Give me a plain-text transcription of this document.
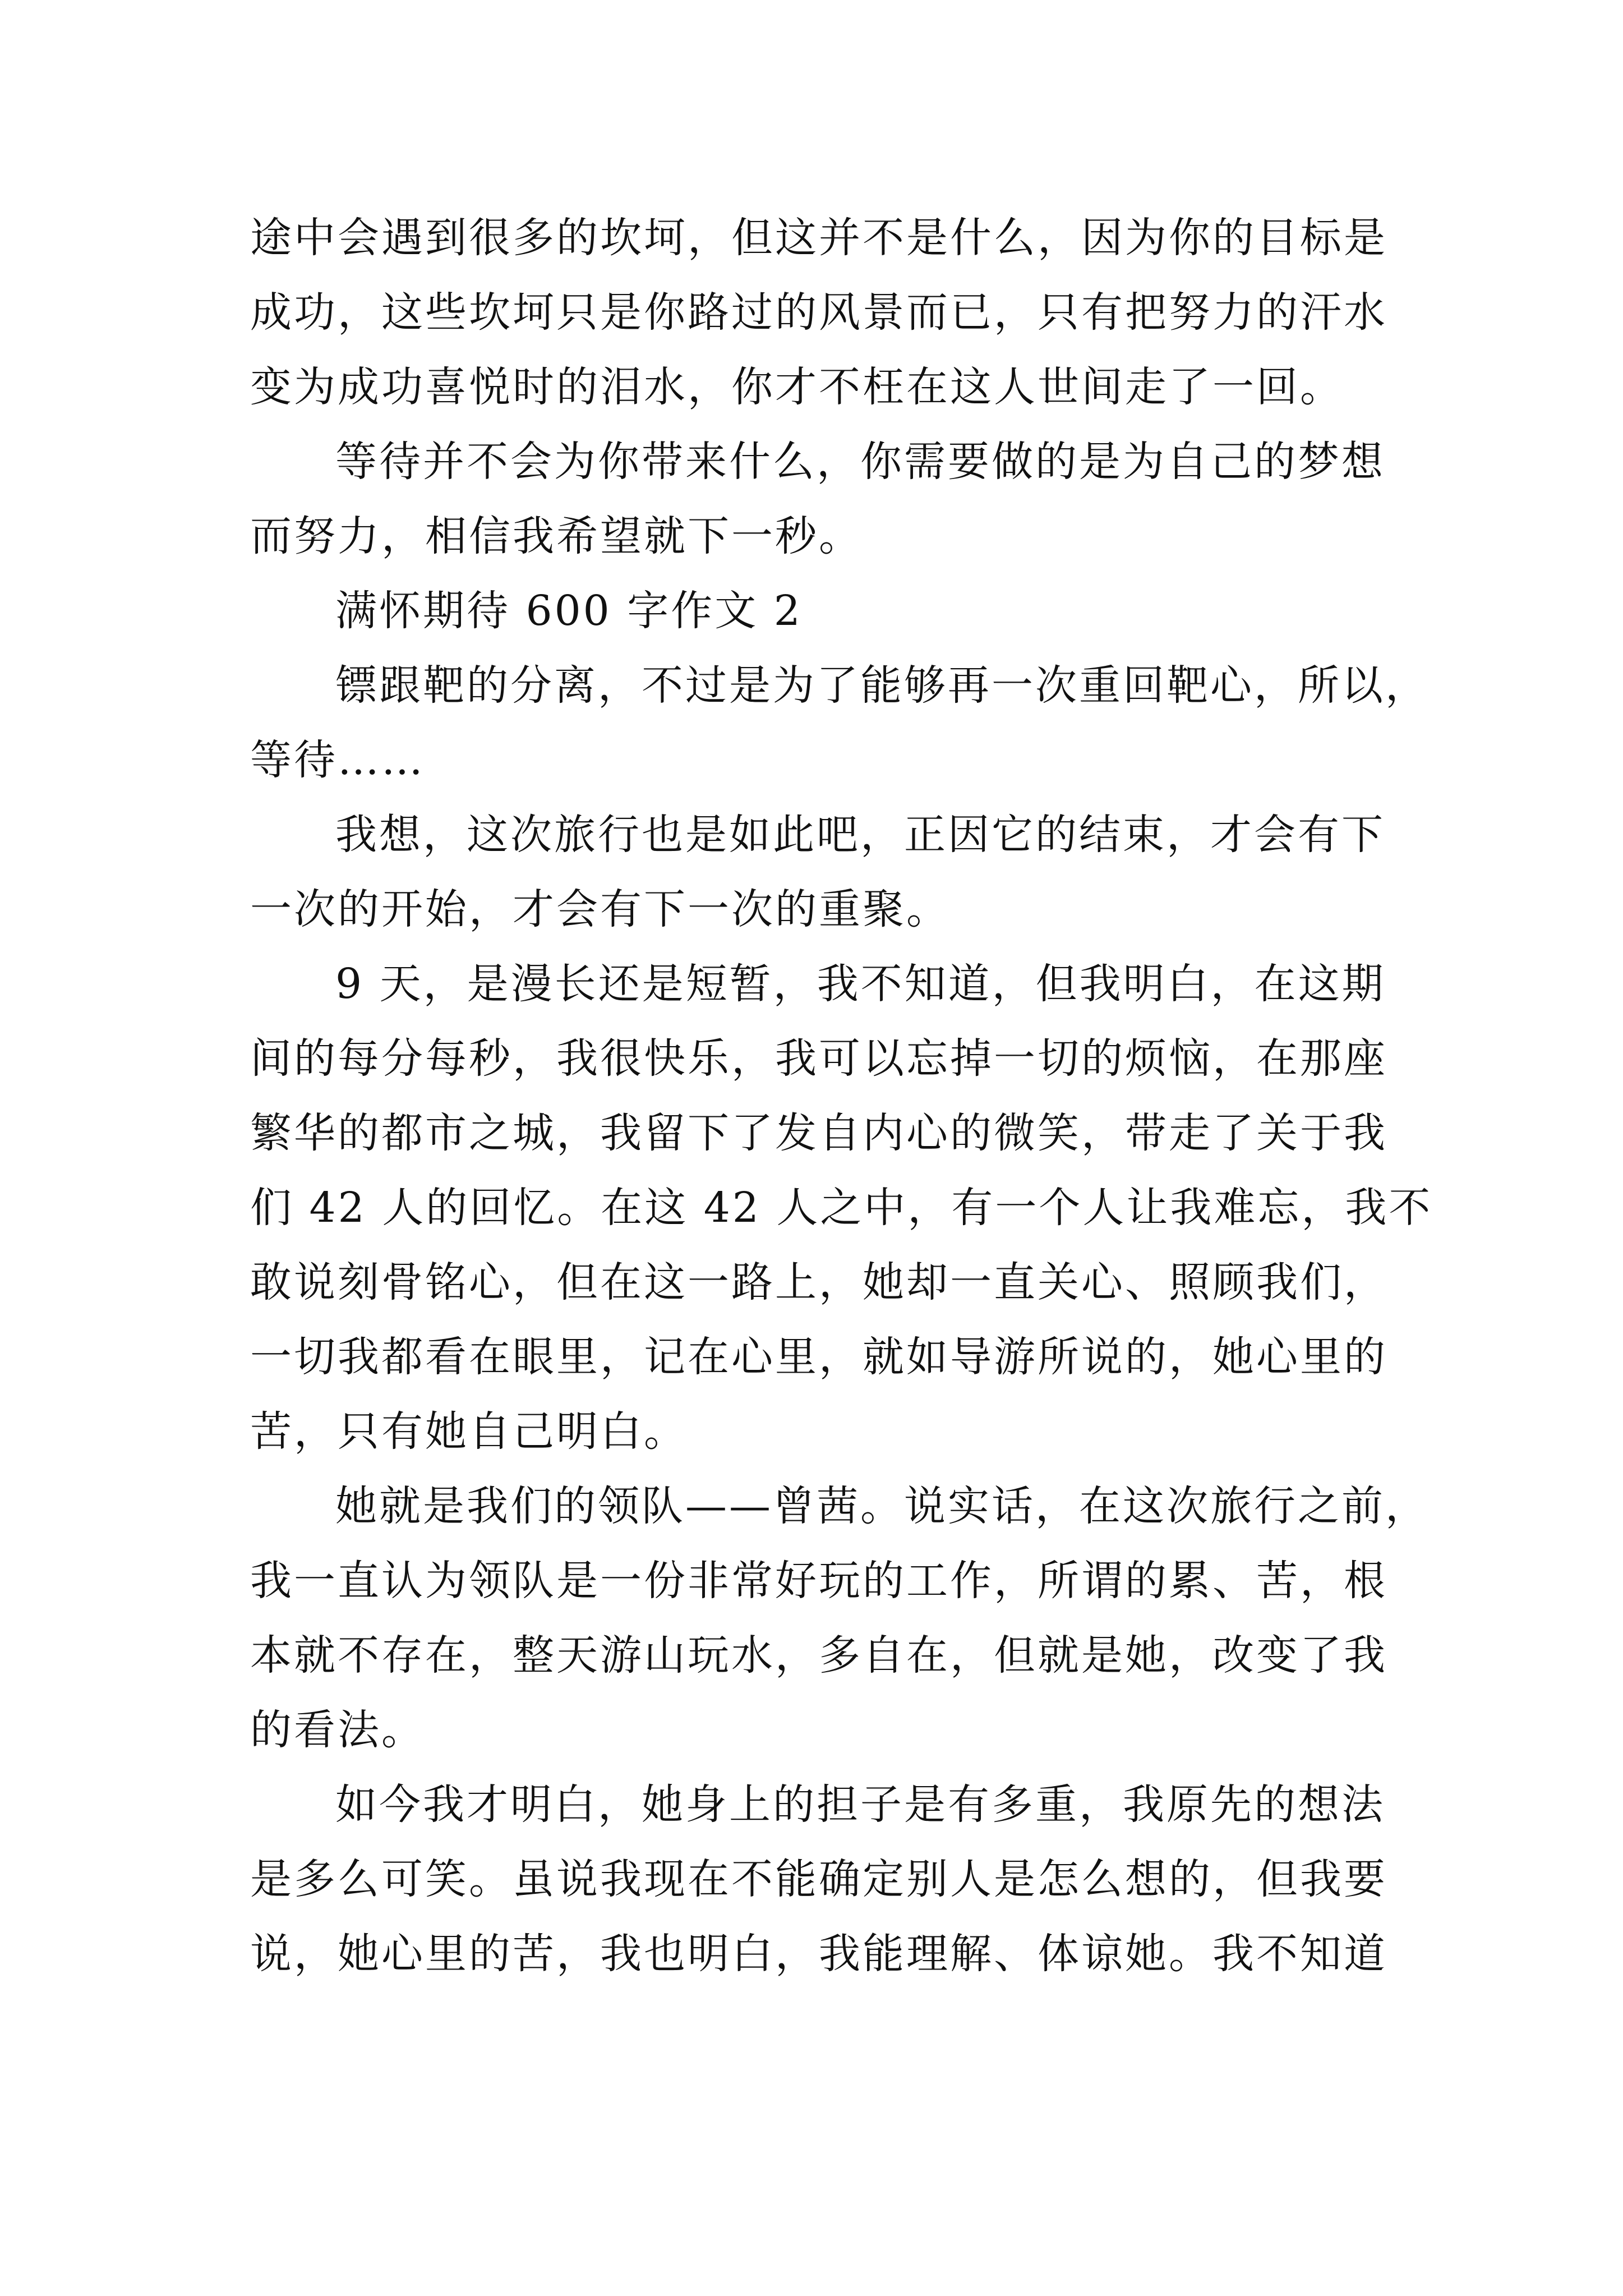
途中会遇到很多的坎坷，但这并不是什么，因为你的目标是
成功，这些坎坷只是你路过的风景而已，只有把努力的汗水
变为成功喜悦时的泪水，你才不枉在这人世间走了一回。
等待并不会为你带来什么，你需要做的是为自己的梦想
而努力，相信我希望就下一秒。
满怀期待 600 字作文 2
镖跟靶的分离，不过是为了能够再一次重回靶心，所以，
等待……
我想，这次旅行也是如此吧，正因它的结束，才会有下
一次的开始，才会有下一次的重聚。
9 天，是漫长还是短暂，我不知道，但我明白，在这期
间的每分每秒，我很快乐，我可以忘掉一切的烦恼，在那座
繁华的都市之城，我留下了发自内心的微笑，带走了关于我
们 42 人的回忆。在这 42 人之中，有一个人让我难忘，我不
敢说刻骨铭心，但在这一路上，她却一直关心、照顾我们，
一切我都看在眼里，记在心里，就如导游所说的，她心里的
苦，只有她自己明白。
她就是我们的领队——曾茜。说实话，在这次旅行之前，
我一直认为领队是一份非常好玩的工作，所谓的累、苦，根
本就不存在，整天游山玩水，多自在，但就是她，改变了我
的看法。
如今我才明白，她身上的担子是有多重，我原先的想法
是多么可笑。虽说我现在不能确定别人是怎么想的，但我要
说，她心里的苦，我也明白，我能理解、体谅她。我不知道
